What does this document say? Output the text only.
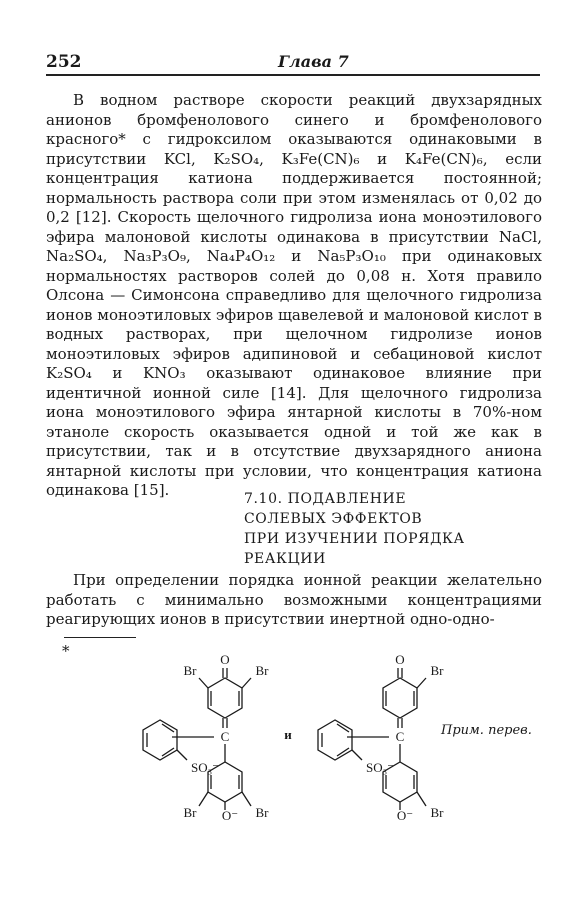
252	Глава 7

В водном растворе скорости реакций двухзарядных анионов бромфенолового синего и бромфенолового красного* с гидроксилом оказываются одинаковыми в присутствии KCl, K₂SO₄, K₃Fe(CN)₆ и K₄Fe(CN)₆, если концентрация катиона поддерживается постоянной; нормальность раствора соли при этом изменялась от 0,02 до 0,2 [12]. Скорость щелочного гидролиза иона моноэтилового эфира малоновой кислоты одинакова в присутствии NaCl, Na₂SO₄, Na₃P₃O₉, Na₄P₄O₁₂ и Na₅P₃O₁₀ при одинаковых нормальностях растворов солей до 0,08 н. Хотя правило Олсона — Симонсона справедливо для щелочного гидролиза ионов моноэтиловых эфиров щавелевой и малоновой кислот в водных растворах, при щелочном гидролизе ионов моноэтиловых эфиров адипиновой и себациновой кислот K₂SO₄ и KNO₃ оказывают одинаковое влияние при идентичной ионной силе [14]. Для щелочного гидролиза иона моноэтилового эфира янтарной кислоты в 70%-ном этаноле скорость оказывается одной и той же как в присутствии, так и в отсутствие двухзарядного аниона янтарной кислоты при условии, что концентрация катиона одинакова [15].	7.10. ПОДАВЛЕНИЕ
СОЛЕВЫХ ЭФФЕКТОВ
ПРИ ИЗУЧЕНИИ ПОРЯДКА
РЕАКЦИИ

При определении порядка ионной реакции желательно работать с минимально возможными концентрациями реагирующих ионов в присутствии инертной одно-одно-

*	O
Br	Br
C
SO₃⁻
Br	Br
O⁻
и
O
Br
C
SO₃⁻
Br
O⁻
Прим. перев.
